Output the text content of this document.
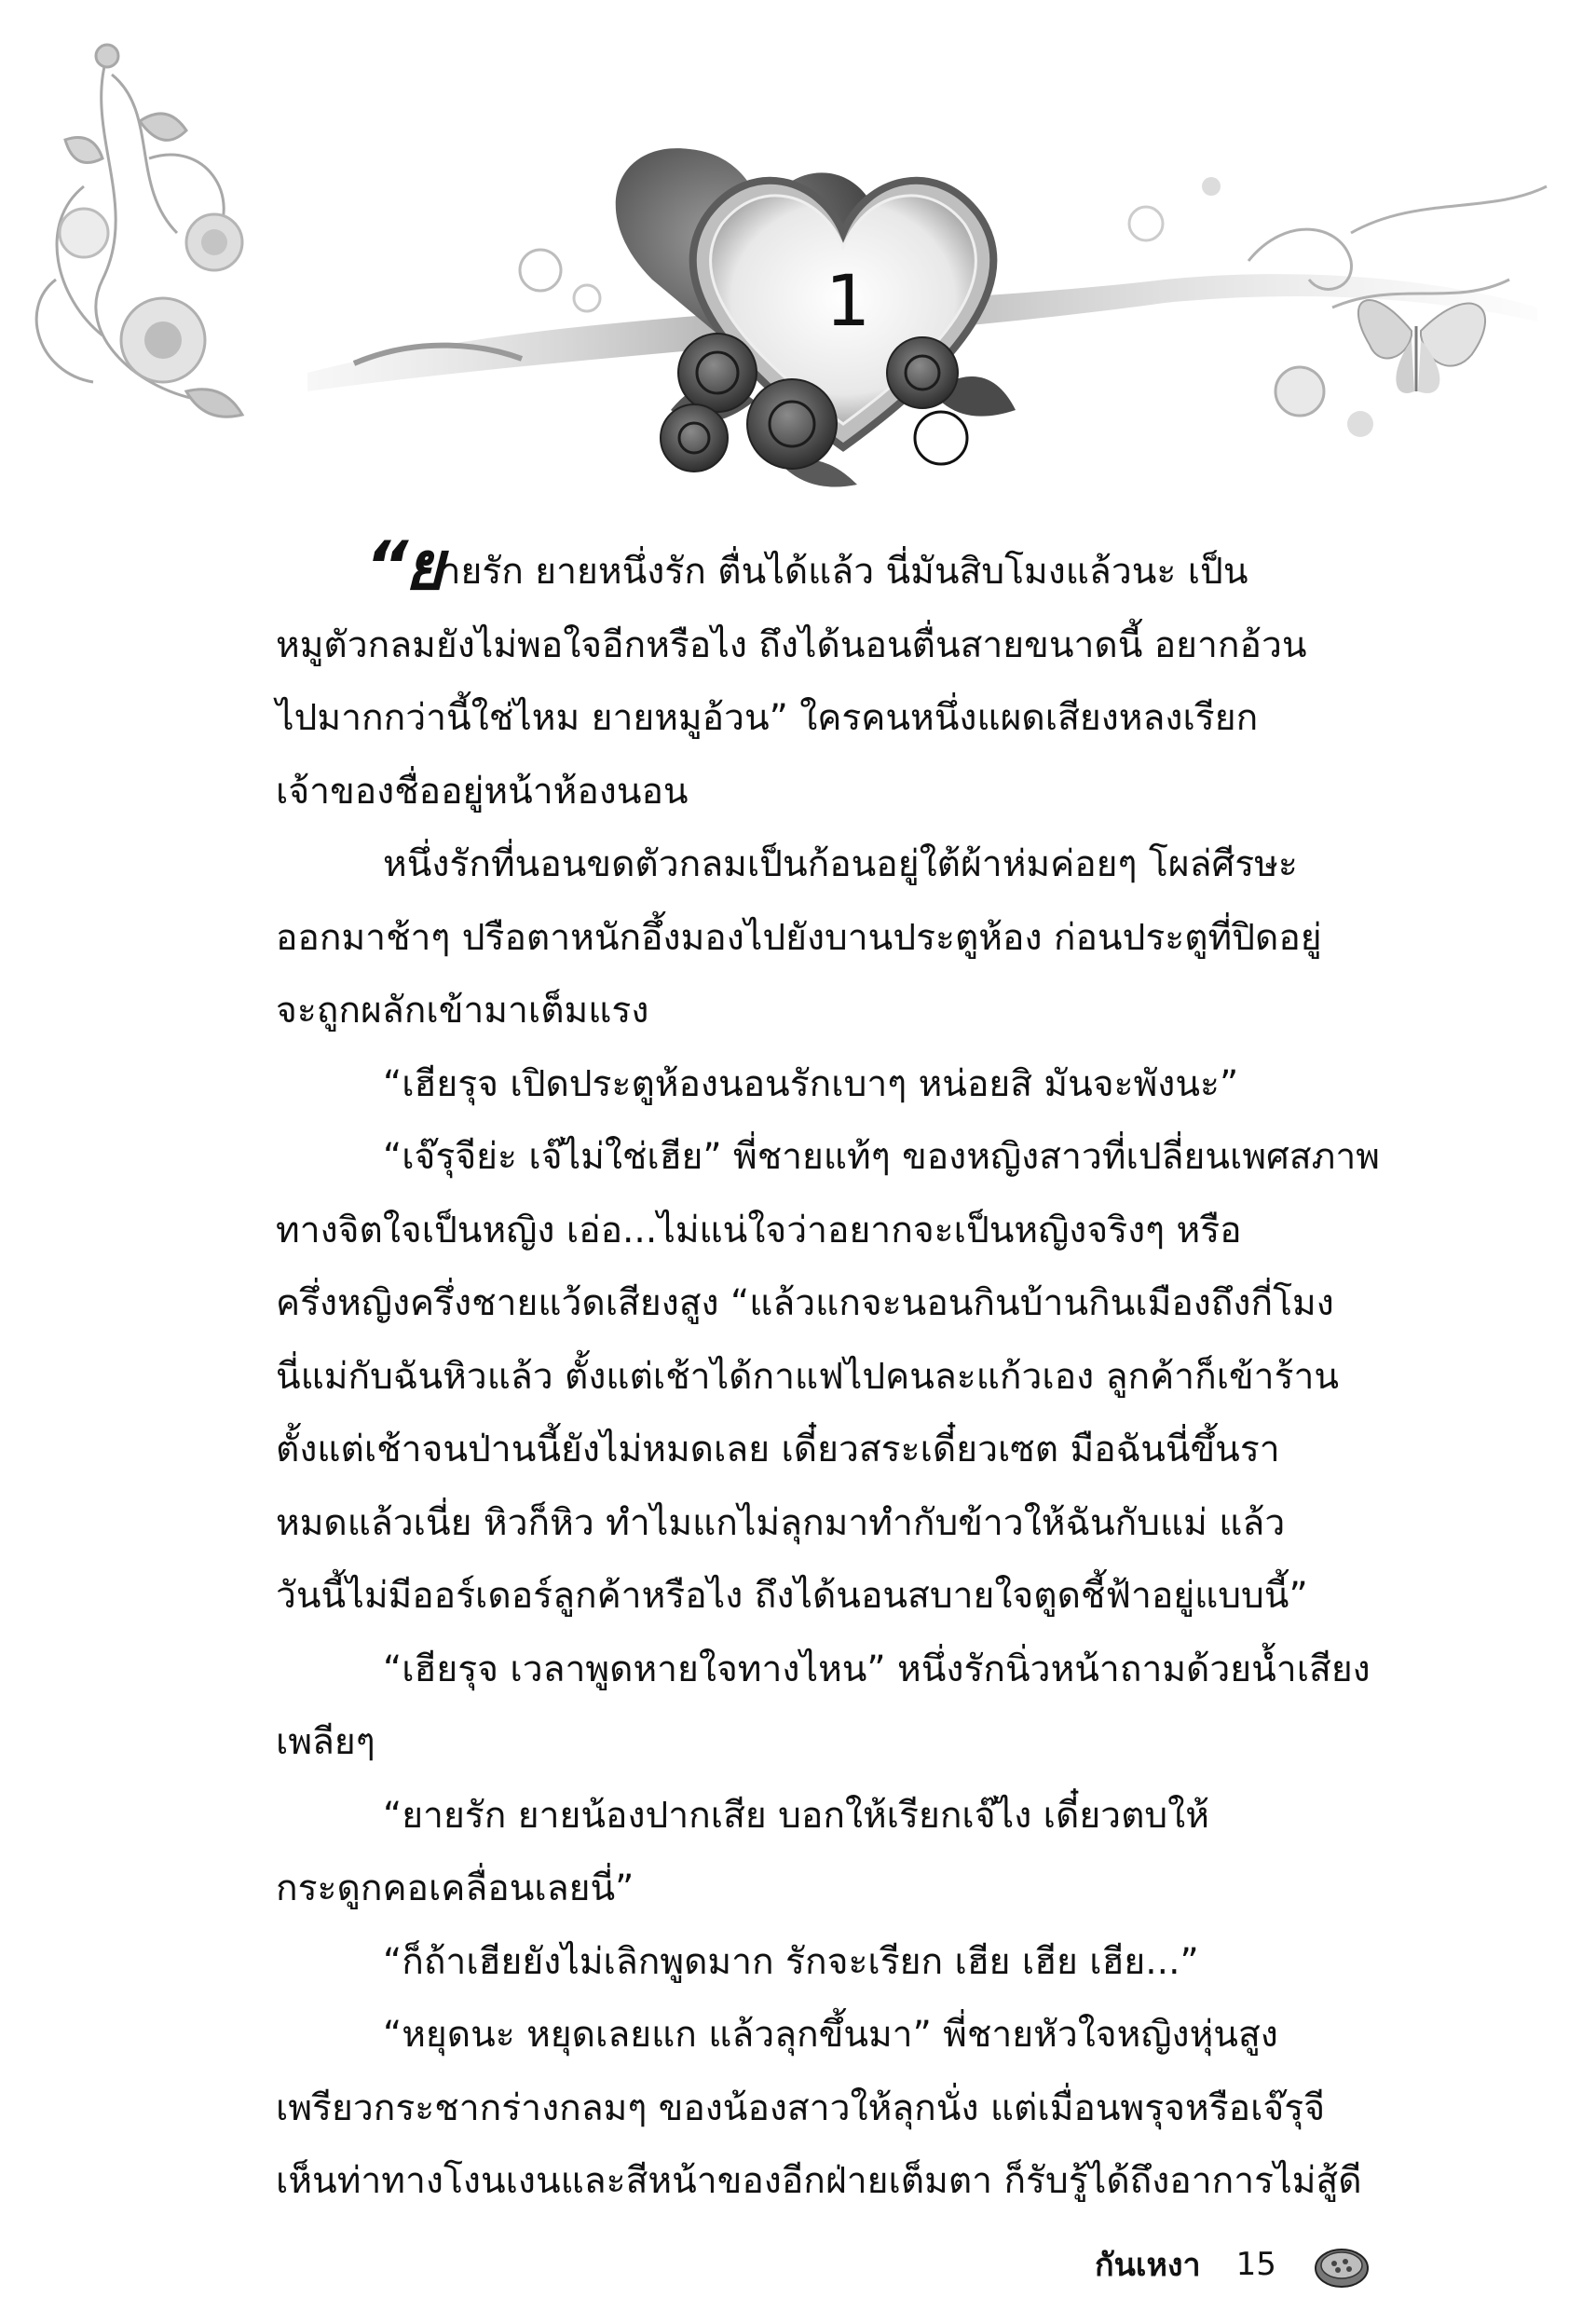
1
“ยายรัก ยายหนึ่งรัก ตื่นได้แล้ว นี่มันสิบโมงแล้วนะ เป็น
หมูตัวกลมยังไม่พอใจอีกหรือไง ถึงได้นอนตื่นสายขนาดนี้ อยากอ้วน
ไปมากกว่านี้ใช่ไหม ยายหมูอ้วน” ใครคนหนึ่งแผดเสียงหลงเรียก
เจ้าของชื่ออยู่หน้าห้องนอน
หนึ่งรักที่นอนขดตัวกลมเป็นก้อนอยู่ใต้ผ้าห่มค่อยๆ โผล่ศีรษะ
ออกมาช้าๆ ปรือตาหนักอึ้งมองไปยังบานประตูห้อง ก่อนประตูที่ปิดอยู่
จะถูกผลักเข้ามาเต็มแรง
“เฮียรุจ เปิดประตูห้องนอนรักเบาๆ หน่อยสิ มันจะพังนะ”
“เจ๊รุจีย่ะ เจ๊ไม่ใช่เฮีย” พี่ชายแท้ๆ ของหญิงสาวที่เปลี่ยนเพศสภาพ
ทางจิตใจเป็นหญิง เอ่อ...ไม่แน่ใจว่าอยากจะเป็นหญิงจริงๆ หรือ
ครึ่งหญิงครึ่งชายแว้ดเสียงสูง “แล้วแกจะนอนกินบ้านกินเมืองถึงกี่โมง
นี่แม่กับฉันหิวแล้ว ตั้งแต่เช้าได้กาแฟไปคนละแก้วเอง ลูกค้าก็เข้าร้าน
ตั้งแต่เช้าจนป่านนี้ยังไม่หมดเลย เดี๋ยวสระเดี๋ยวเซต มือฉันนี่ขึ้นรา
หมดแล้วเนี่ย หิวก็หิว ทำไมแกไม่ลุกมาทำกับข้าวให้ฉันกับแม่ แล้ว
วันนี้ไม่มีออร์เดอร์ลูกค้าหรือไง ถึงได้นอนสบายใจตูดชี้ฟ้าอยู่แบบนี้”
“เฮียรุจ เวลาพูดหายใจทางไหน” หนึ่งรักนิ่วหน้าถามด้วยน้ำเสียง
เพลียๆ
“ยายรัก ยายน้องปากเสีย บอกให้เรียกเจ๊ไง เดี๋ยวตบให้
กระดูกคอเคลื่อนเลยนี่”
“ก็ถ้าเฮียยังไม่เลิกพูดมาก รักจะเรียก เฮีย เฮีย เฮีย...”
“หยุดนะ หยุดเลยแก แล้วลุกขึ้นมา” พี่ชายหัวใจหญิงหุ่นสูง
เพรียวกระชากร่างกลมๆ ของน้องสาวให้ลุกนั่ง แต่เมื่อนพรุจหรือเจ๊รุจี
เห็นท่าทางโงนเงนและสีหน้าของอีกฝ่ายเต็มตา ก็รับรู้ได้ถึงอาการไม่สู้ดี
กันเหงา 15
